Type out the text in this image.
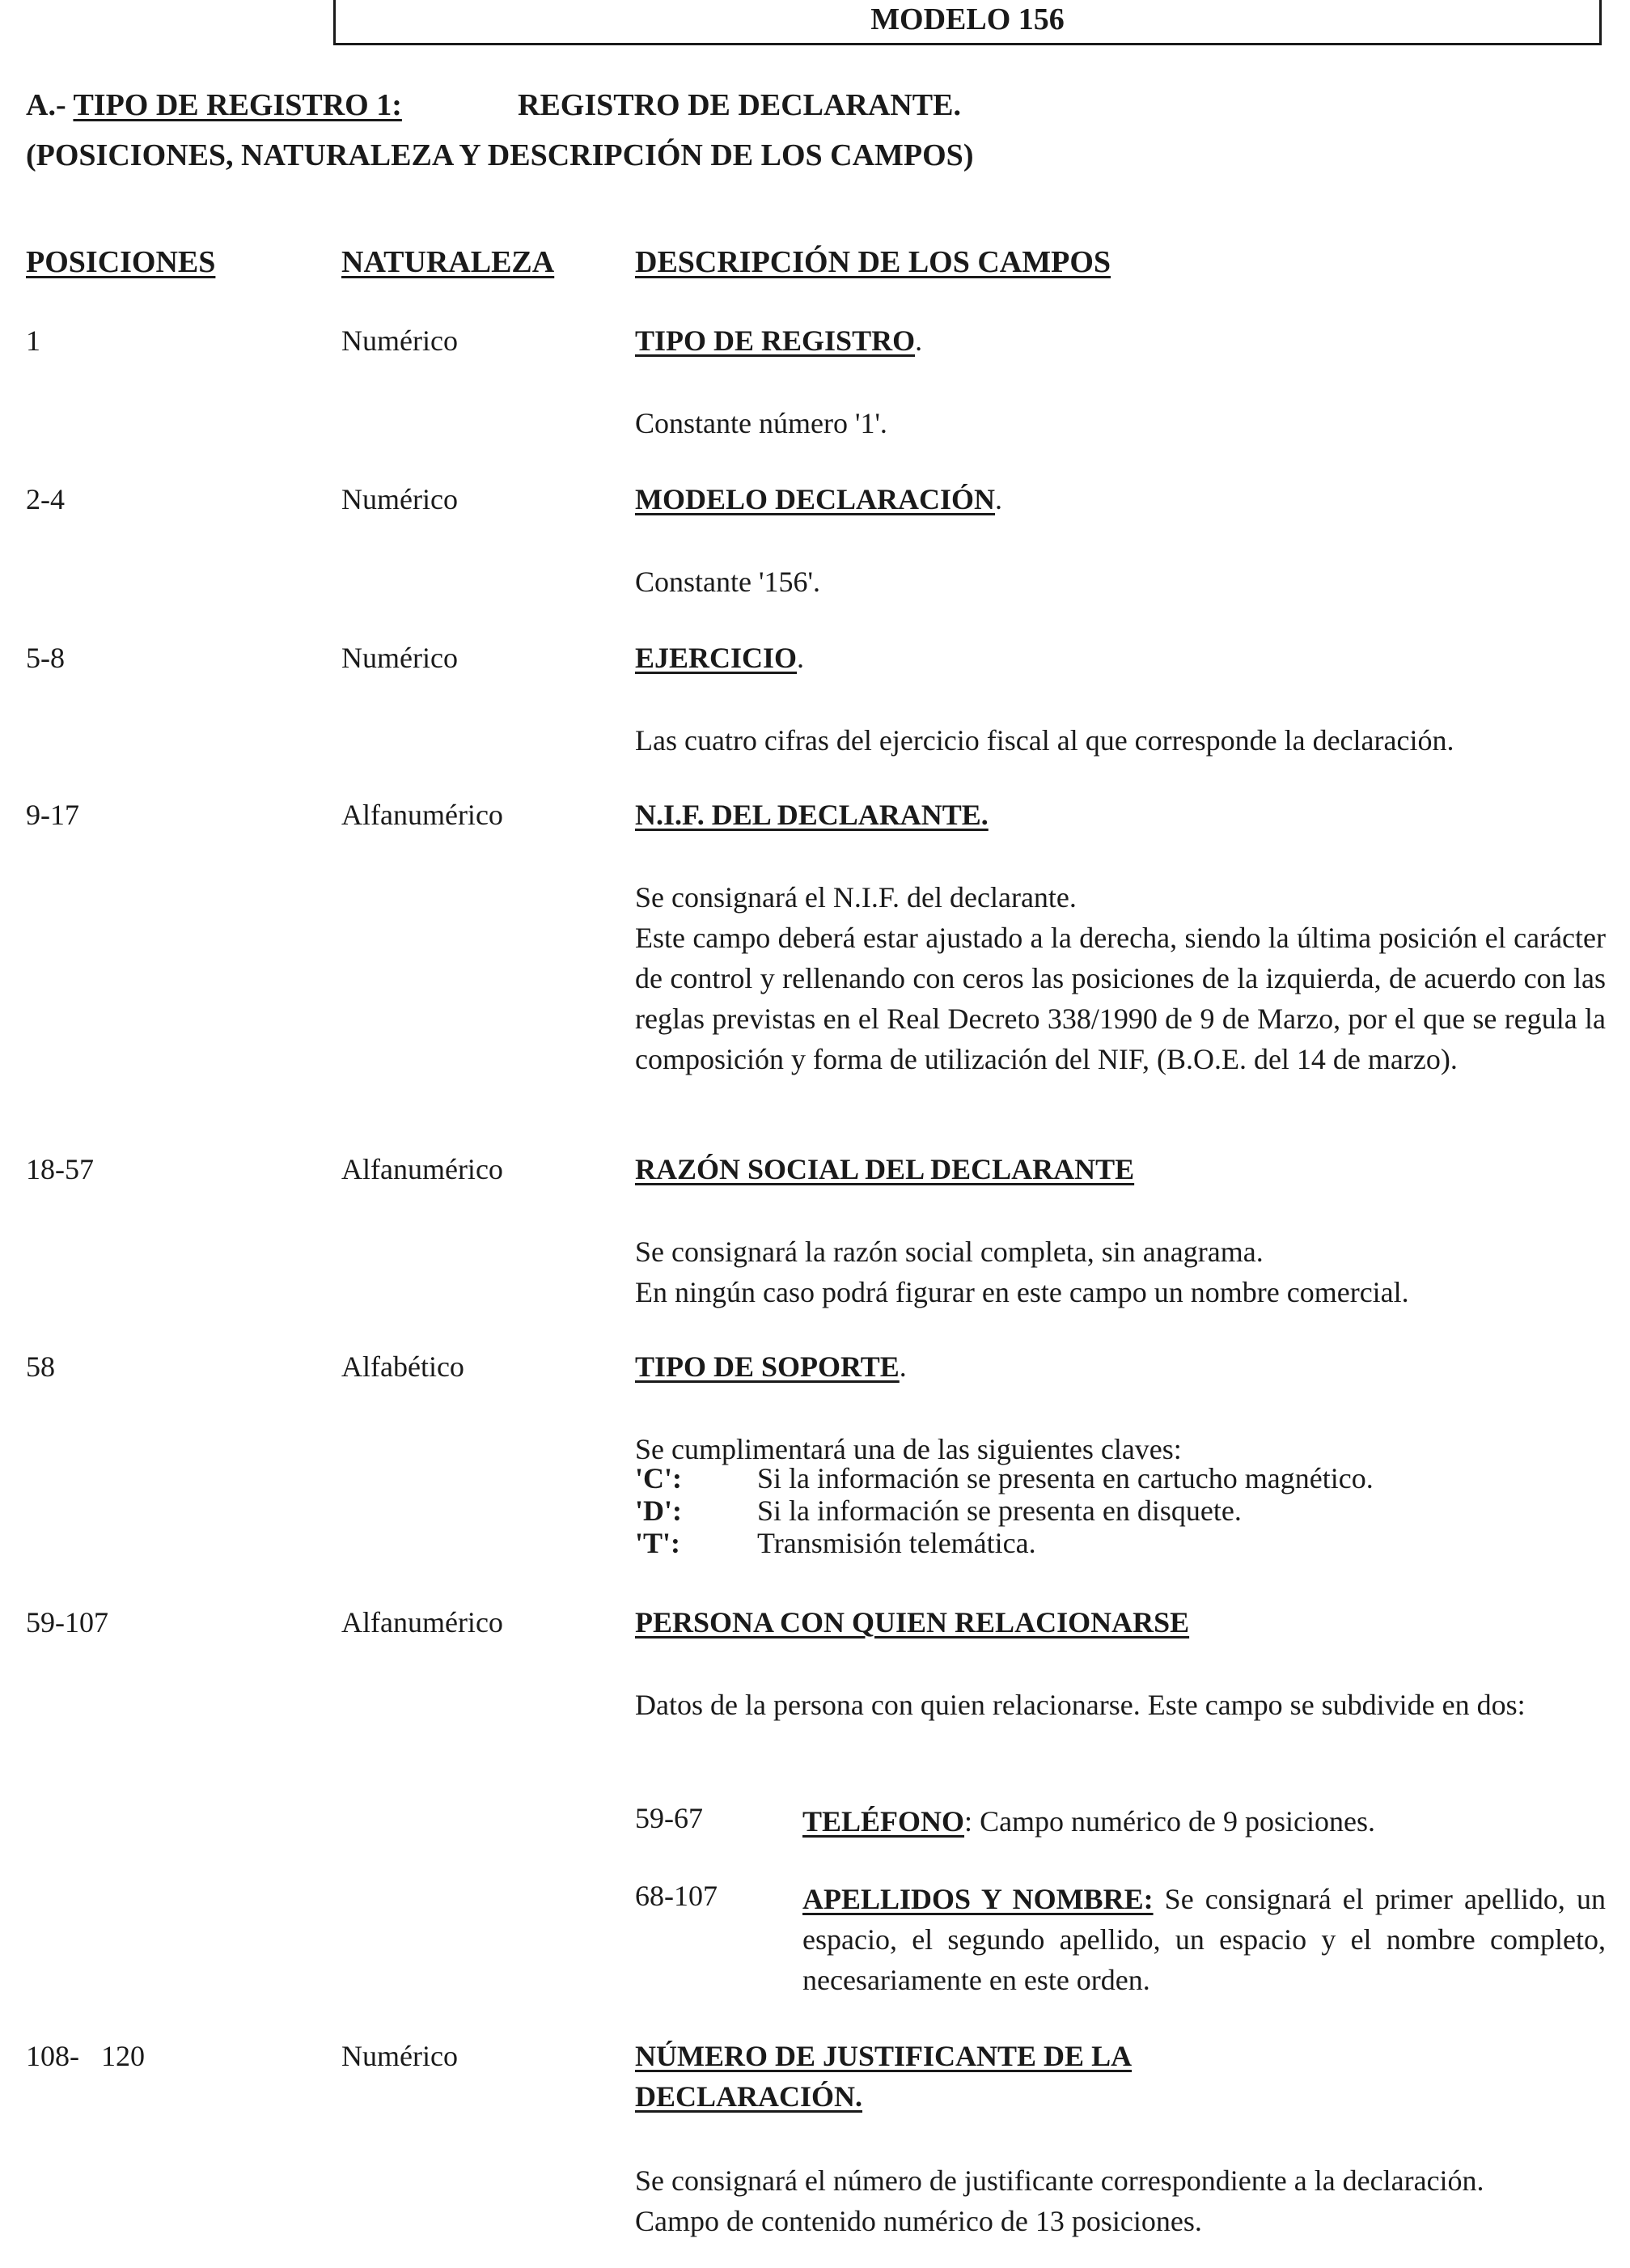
MODELO 156
A.- TIPO DE REGISTRO 1:	REGISTRO DE DECLARANTE.
(POSICIONES, NATURALEZA Y DESCRIPCIÓN DE LOS CAMPOS)
POSICIONES	NATURALEZA	DESCRIPCIÓN DE LOS CAMPOS
1	Numérico	TIPO DE REGISTRO.
Constante número '1'.
2-4	Numérico	MODELO DECLARACIÓN.
Constante '156'.
5-8	Numérico	EJERCICIO.
Las cuatro cifras del ejercicio fiscal al que corresponde la declaración.
9-17	Alfanumérico	N.I.F. DEL DECLARANTE.
Se consignará el N.I.F. del declarante.
Este campo deberá estar ajustado a la derecha, siendo la última posición el carácter de control y rellenando con ceros las posiciones de la izquierda, de acuerdo con las reglas previstas en el Real Decreto 338/1990 de 9 de Marzo, por el que se regula la composición y forma de utilización del NIF, (B.O.E. del 14 de marzo).
18-57	Alfanumérico	RAZÓN SOCIAL DEL DECLARANTE
Se consignará la razón social completa, sin anagrama.
En ningún caso podrá figurar en este campo un nombre comercial.
58	Alfabético	TIPO DE SOPORTE.
Se cumplimentará una de las siguientes claves:
'C':	Si la información se presenta en cartucho magnético.
'D':	Si la información se presenta en disquete.
'T':	Transmisión telemática.
59-107	Alfanumérico	PERSONA CON QUIEN RELACIONARSE
Datos de la persona con quien relacionarse. Este campo se subdivide en dos:
59-67	TELÉFONO: Campo numérico de 9 posiciones.
68-107	APELLIDOS Y NOMBRE: Se consignará el primer apellido, un espacio, el segundo apellido, un espacio y el nombre completo, necesariamente en este orden.
108-   120	Numérico	NÚMERO DE JUSTIFICANTE DE LA
DECLARACIÓN.
Se consignará el número de justificante correspondiente a la declaración.
Campo de contenido numérico de 13 posiciones.
